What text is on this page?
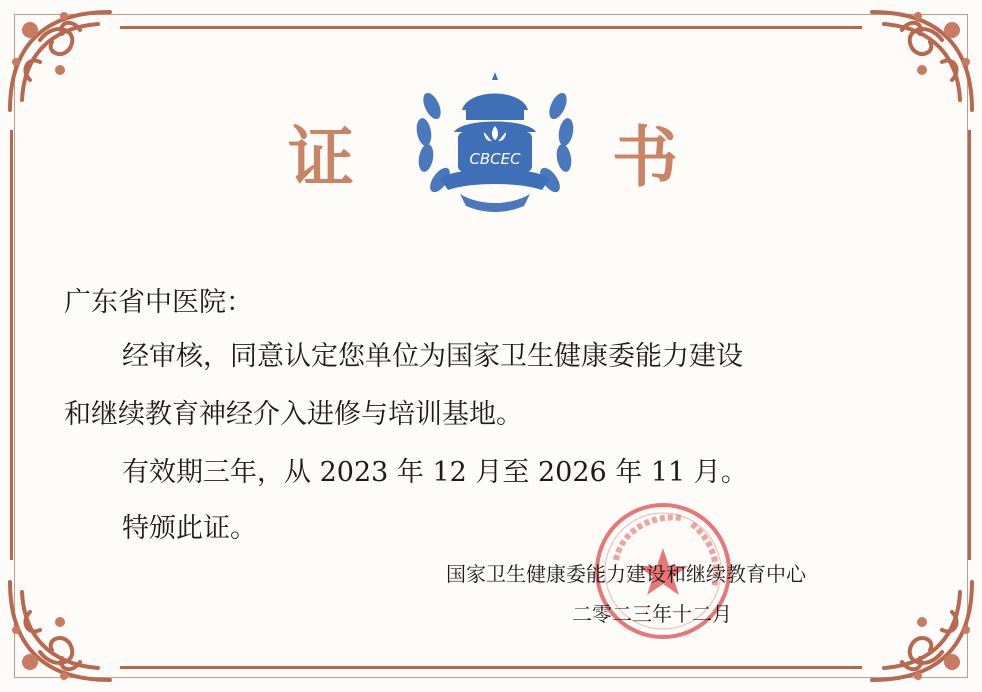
证	书
CBCEC
广东省中医院：
经审核，同意认定您单位为国家卫生健康委能力建设
和继续教育神经介入进修与培训基地。
有效期三年，从 2023 年 12 月至 2026 年 11 月。
特颁此证。
国家卫生健康委能力建设和继续教育中心
二零二三年十二月
